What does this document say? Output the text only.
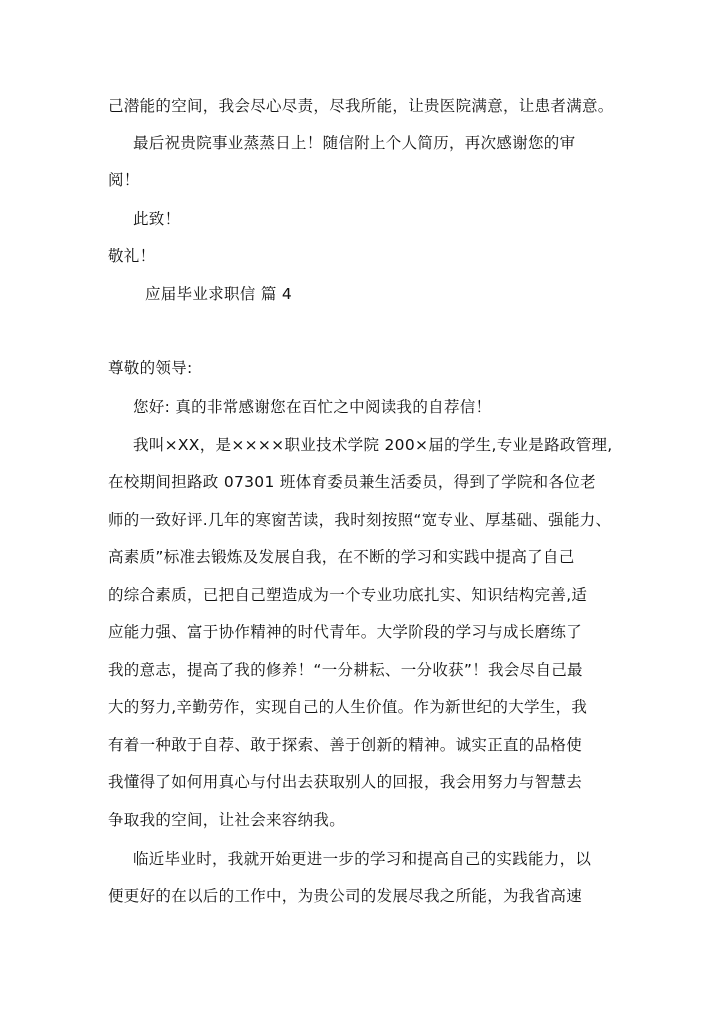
己潜能的空间，我会尽心尽责，尽我所能，让贵医院满意，让患者满意。
最后祝贵院事业蒸蒸日上！随信附上个人简历，再次感谢您的审
阅！
此致！
敬礼！
应届毕业求职信 篇 4
尊敬的领导:
您好: 真的非常感谢您在百忙之中阅读我的自荐信！
我叫×XX，是××××职业技术学院 200×届的学生,专业是路政管理,
在校期间担路政 07301 班体育委员兼生活委员，得到了学院和各位老
师的一致好评.几年的寒窗苦读，我时刻按照“宽专业、厚基础、强能力、
高素质”标准去锻炼及发展自我，在不断的学习和实践中提高了自己
的综合素质，已把自己塑造成为一个专业功底扎实、知识结构完善,适
应能力强、富于协作精神的时代青年。大学阶段的学习与成长磨练了
我的意志，提高了我的修养！“一分耕耘、一分收获”！我会尽自己最
大的努力,辛勤劳作，实现自己的人生价值。作为新世纪的大学生，我
有着一种敢于自荐、敢于探索、善于创新的精神。诚实正直的品格使
我懂得了如何用真心与付出去获取别人的回报，我会用努力与智慧去
争取我的空间，让社会来容纳我。
临近毕业时，我就开始更进一步的学习和提高自己的实践能力，以
便更好的在以后的工作中，为贵公司的发展尽我之所能，为我省高速
